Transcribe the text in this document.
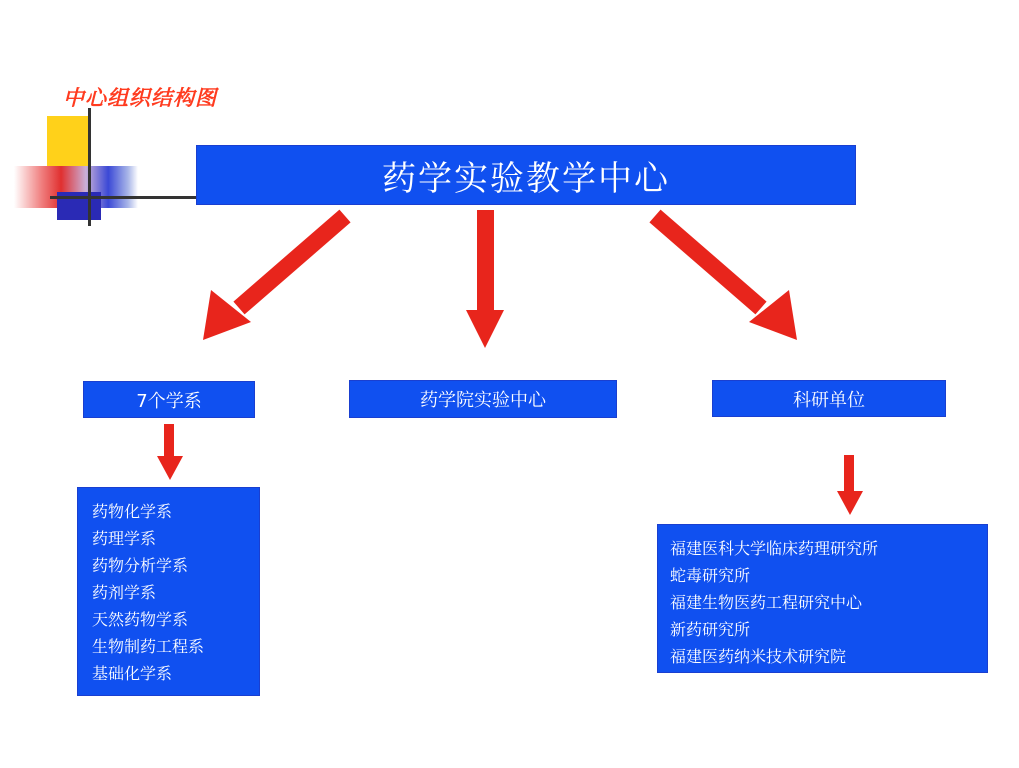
中心组织结构图
药学实验教学中心
7个学系
药物化学系
药理学系
药物分析学系
药剂学系
天然药物学系
生物制药工程系
基础化学系
药学院实验中心	科研单位
福建医科大学临床药理研究所
蛇毒研究所
福建生物医药工程研究中心
新药研究所
福建医药纳米技术研究院
